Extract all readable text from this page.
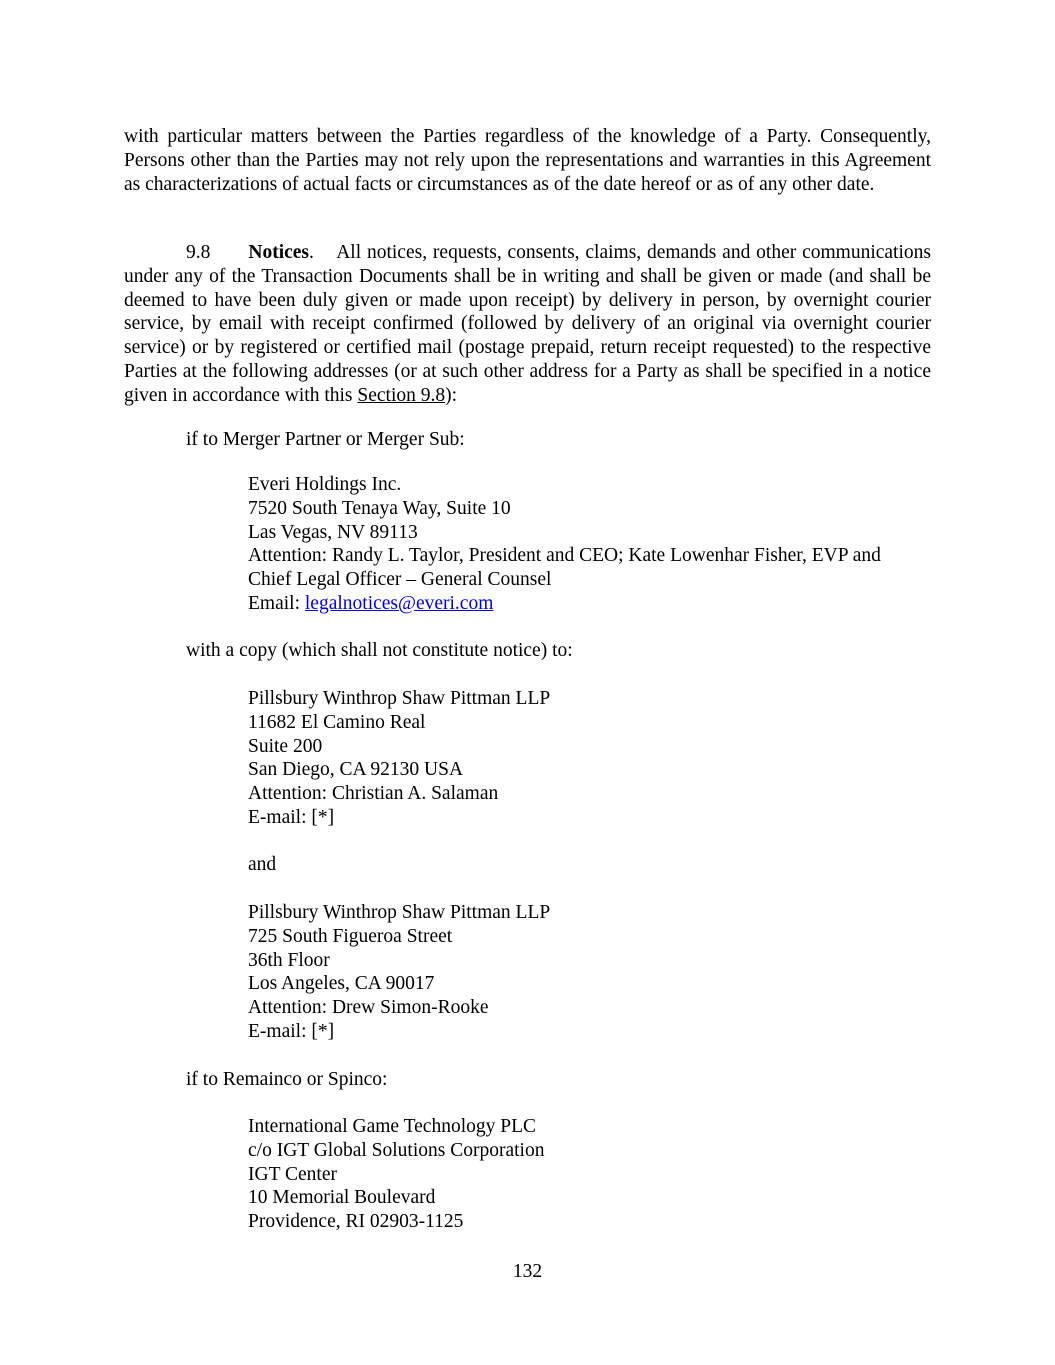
with particular matters between the Parties regardless of the knowledge of a Party. Consequently, Persons other than the Parties may not rely upon the representations and warranties in this Agreement as characterizations of actual facts or circumstances as of the date hereof or as of any other date.
9.8 Notices.    All notices, requests, consents, claims, demands and other communications under any of the Transaction Documents shall be in writing and shall be given or made (and shall be deemed to have been duly given or made upon receipt) by delivery in person, by overnight courier service, by email with receipt confirmed (followed by delivery of an original via overnight courier service) or by registered or certified mail (postage prepaid, return receipt requested) to the respective Parties at the following addresses (or at such other address for a Party as shall be specified in a notice given in accordance with this Section 9.8):
if to Merger Partner or Merger Sub:
Email: legalnotices@everi.com
with a copy (which shall not constitute notice) to:
and
if to Remainco or Spinco:
132
Everi Holdings Inc.
7520 South Tenaya Way, Suite 10
Las Vegas, NV 89113
Attention: Randy L. Taylor, President and CEO; Kate Lowenhar Fisher, EVP and
Chief Legal Officer – General Counsel
Pillsbury Winthrop Shaw Pittman LLP
11682 El Camino Real
Suite 200
San Diego, CA 92130 USA
Attention: Christian A. Salaman
E-mail: [*]
Pillsbury Winthrop Shaw Pittman LLP
725 South Figueroa Street
36th Floor
Los Angeles, CA 90017
Attention: Drew Simon-Rooke
E-mail: [*]
International Game Technology PLC
c/o IGT Global Solutions Corporation
IGT Center
10 Memorial Boulevard
Providence, RI 02903-1125
